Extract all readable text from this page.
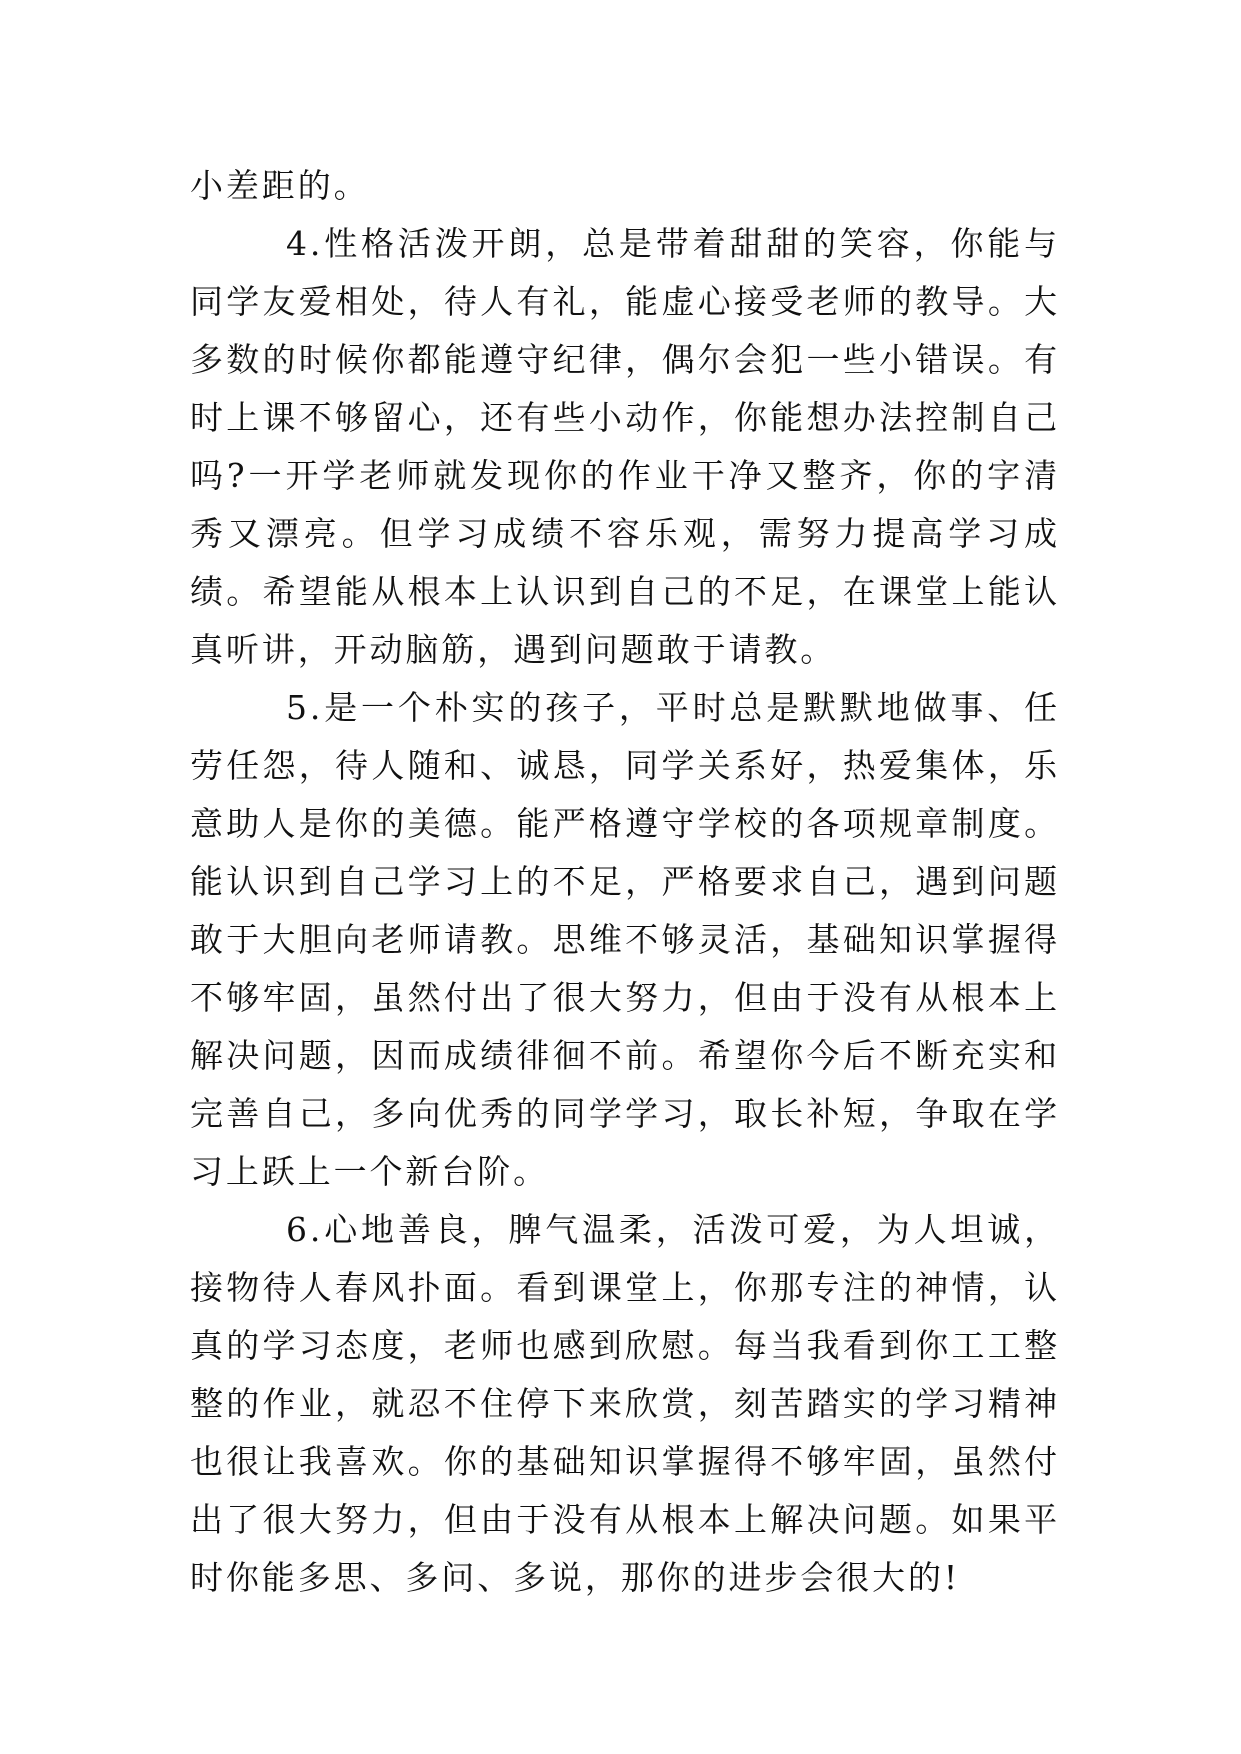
小差距的。

4.性格活泼开朗，总是带着甜甜的笑容，你能与同学友爱相处，待人有礼，能虚心接受老师的教导。大多数的时候你都能遵守纪律，偶尔会犯一些小错误。有时上课不够留心，还有些小动作，你能想办法控制自己吗?一开学老师就发现你的作业干净又整齐，你的字清秀又漂亮。但学习成绩不容乐观，需努力提高学习成绩。希望能从根本上认识到自己的不足，在课堂上能认真听讲，开动脑筋，遇到问题敢于请教。

5.是一个朴实的孩子，平时总是默默地做事、任劳任怨，待人随和、诚恳，同学关系好，热爱集体，乐意助人是你的美德。能严格遵守学校的各项规章制度。能认识到自己学习上的不足，严格要求自己，遇到问题敢于大胆向老师请教。思维不够灵活，基础知识掌握得不够牢固，虽然付出了很大努力，但由于没有从根本上解决问题，因而成绩徘徊不前。希望你今后不断充实和完善自己，多向优秀的同学学习，取长补短，争取在学习上跃上一个新台阶。

6.心地善良，脾气温柔，活泼可爱，为人坦诚，接物待人春风扑面。看到课堂上，你那专注的神情，认真的学习态度，老师也感到欣慰。每当我看到你工工整整的作业，就忍不住停下来欣赏，刻苦踏实的学习精神也很让我喜欢。你的基础知识掌握得不够牢固，虽然付出了很大努力，但由于没有从根本上解决问题。如果平时你能多思、多问、多说，那你的进步会很大的!
